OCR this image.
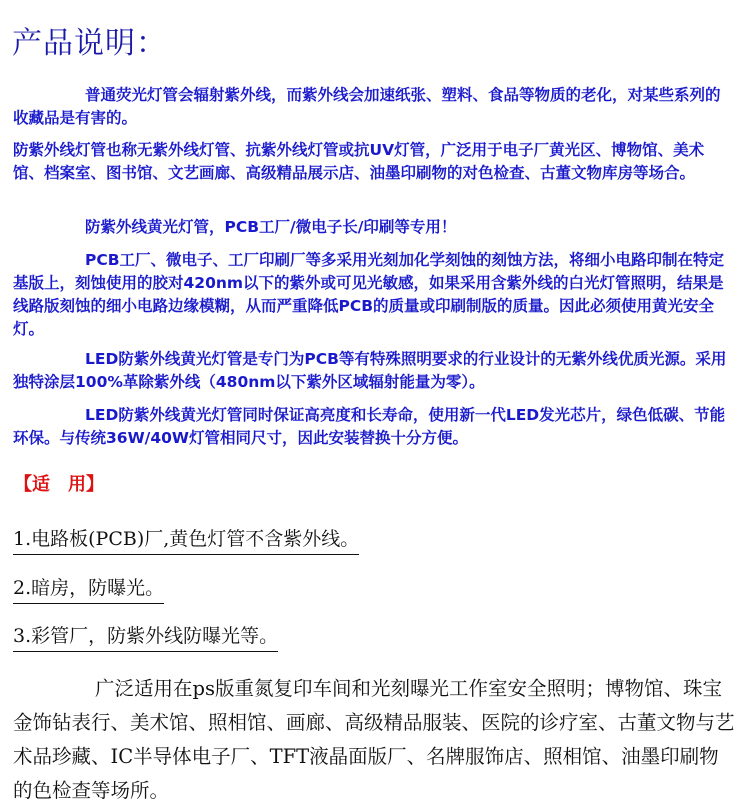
产品说明：

普通荧光灯管会辐射紫外线，而紫外线会加速纸张、塑料、食品等物质的老化，对某些系列的收藏品是有害的。

防紫外线灯管也称无紫外线灯管、抗紫外线灯管或抗UV灯管，广泛用于电子厂黄光区、博物馆、美术馆、档案室、图书馆、文艺画廊、高级精品展示店、油墨印刷物的对色检查、古董文物库房等场合。

防紫外线黄光灯管，PCB工厂/微电子长/印刷等专用！

PCB工厂、微电子、工厂印刷厂等多采用光刻加化学刻蚀的刻蚀方法，将细小电路印制在特定基版上，刻蚀使用的胶对420nm以下的紫外或可见光敏感，如果采用含紫外线的白光灯管照明，结果是线路版刻蚀的细小电路边缘模糊，从而严重降低PCB的质量或印刷制版的质量。因此必须使用黄光安全灯。

LED防紫外线黄光灯管是专门为PCB等有特殊照明要求的行业设计的无紫外线优质光源。采用独特涂层100%革除紫外线（480nm以下紫外区域辐射能量为零）。

LED防紫外线黄光灯管同时保证高亮度和长寿命，使用新一代LED发光芯片，绿色低碳、节能环保。与传统36W/40W灯管相同尺寸，因此安装替换十分方便。

【适　用】
1.电路板(PCB)厂,黄色灯管不含紫外线。
2.暗房，防曝光。
3.彩管厂，防紫外线防曝光等。

广泛适用在ps版重氮复印车间和光刻曝光工作室安全照明；博物馆、珠宝金饰钻表行、美术馆、照相馆、画廊、高级精品服装、医院的诊疗室、古董文物与艺术品珍藏、IC半导体电子厂、TFT液晶面版厂、名牌服饰店、照相馆、油墨印刷物的色检查等场所。
